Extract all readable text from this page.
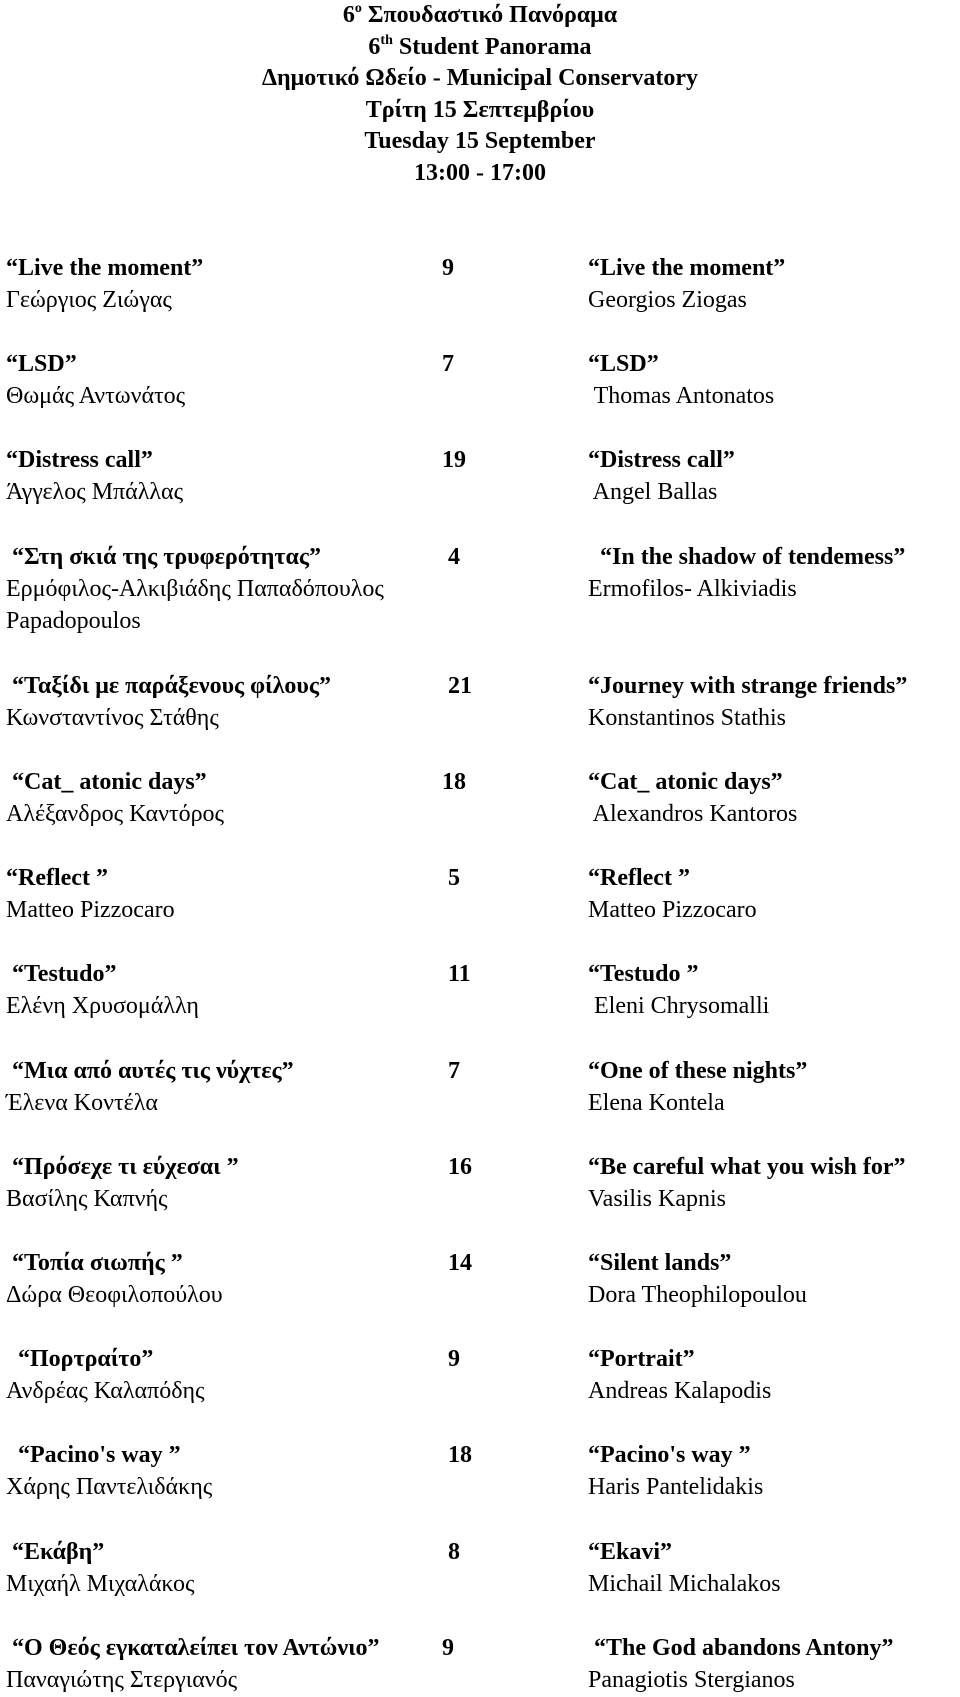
$6^o$ Σπουδαστικό Πανόραμα
6th Student Panorama
Δημοτικό Ωδείο - Municipal Conservatory
Τρίτη 15 Σεπτεμβρίου
Tuesday 15 September
13:00 - 17:00
“Live the moment”	9	“Live the moment”
Γεώργιος Ζιώγας	Georgios Ziogas
“LSD”	7	“LSD”
Θωμάς Αντωνάτος	Thomas Antonatos
“Distress call”	19	“Distress call”
Άγγελος Μπάλλας	Angel Ballas
“Στη σκιά της τρυφερότητας”	4	“In the shadow of tendemess”
Ερμόφιλος-Αλκιβιάδης Παπαδόπουλος	Ermofilos- Alkiviadis
Papadopoulos
“Ταξίδι με παράξενους φίλους”	21	“Journey with strange friends”
Κωνσταντίνος Στάθης	Konstantinos Stathis
“Cat_ atonic days”	18	“Cat_ atonic days”
Αλέξανδρος Καντόρος	Alexandros Kantoros
“Reflect ”	5	“Reflect ”
Matteo Pizzocaro	Matteo Pizzocaro
“Testudo”	11	“Testudo ”
Ελένη Χρυσομάλλη	Eleni Chrysomalli
“Μια από αυτές τις νύχτες”	7	“One of these nights”
Έλενα Κοντέλα	Elena Kontela
“Πρόσεχε τι εύχεσαι ”	16	“Be careful what you wish for”
Βασίλης Καπνής	Vasilis Kapnis
“Τοπία σιωπής ”	14	“Silent lands”
Δώρα Θεοφιλοπούλου	Dora Theophilopoulou
“Πορτραίτο”	9	“Portrait”
Ανδρέας Καλαπόδης	Andreas Kalapodis
“Pacino's way ”	18	“Pacino's way ”
Χάρης Παντελιδάκης	Haris Pantelidakis
“Εκάβη”	8	“Ekavi”
Μιχαήλ Μιχαλάκος	Michail Michalakos
“Ο Θεός εγκαταλείπει τον Αντώνιο”	9	“The God abandons Antony”
Παναγιώτης Στεργιανός	Panagiotis Stergianos
